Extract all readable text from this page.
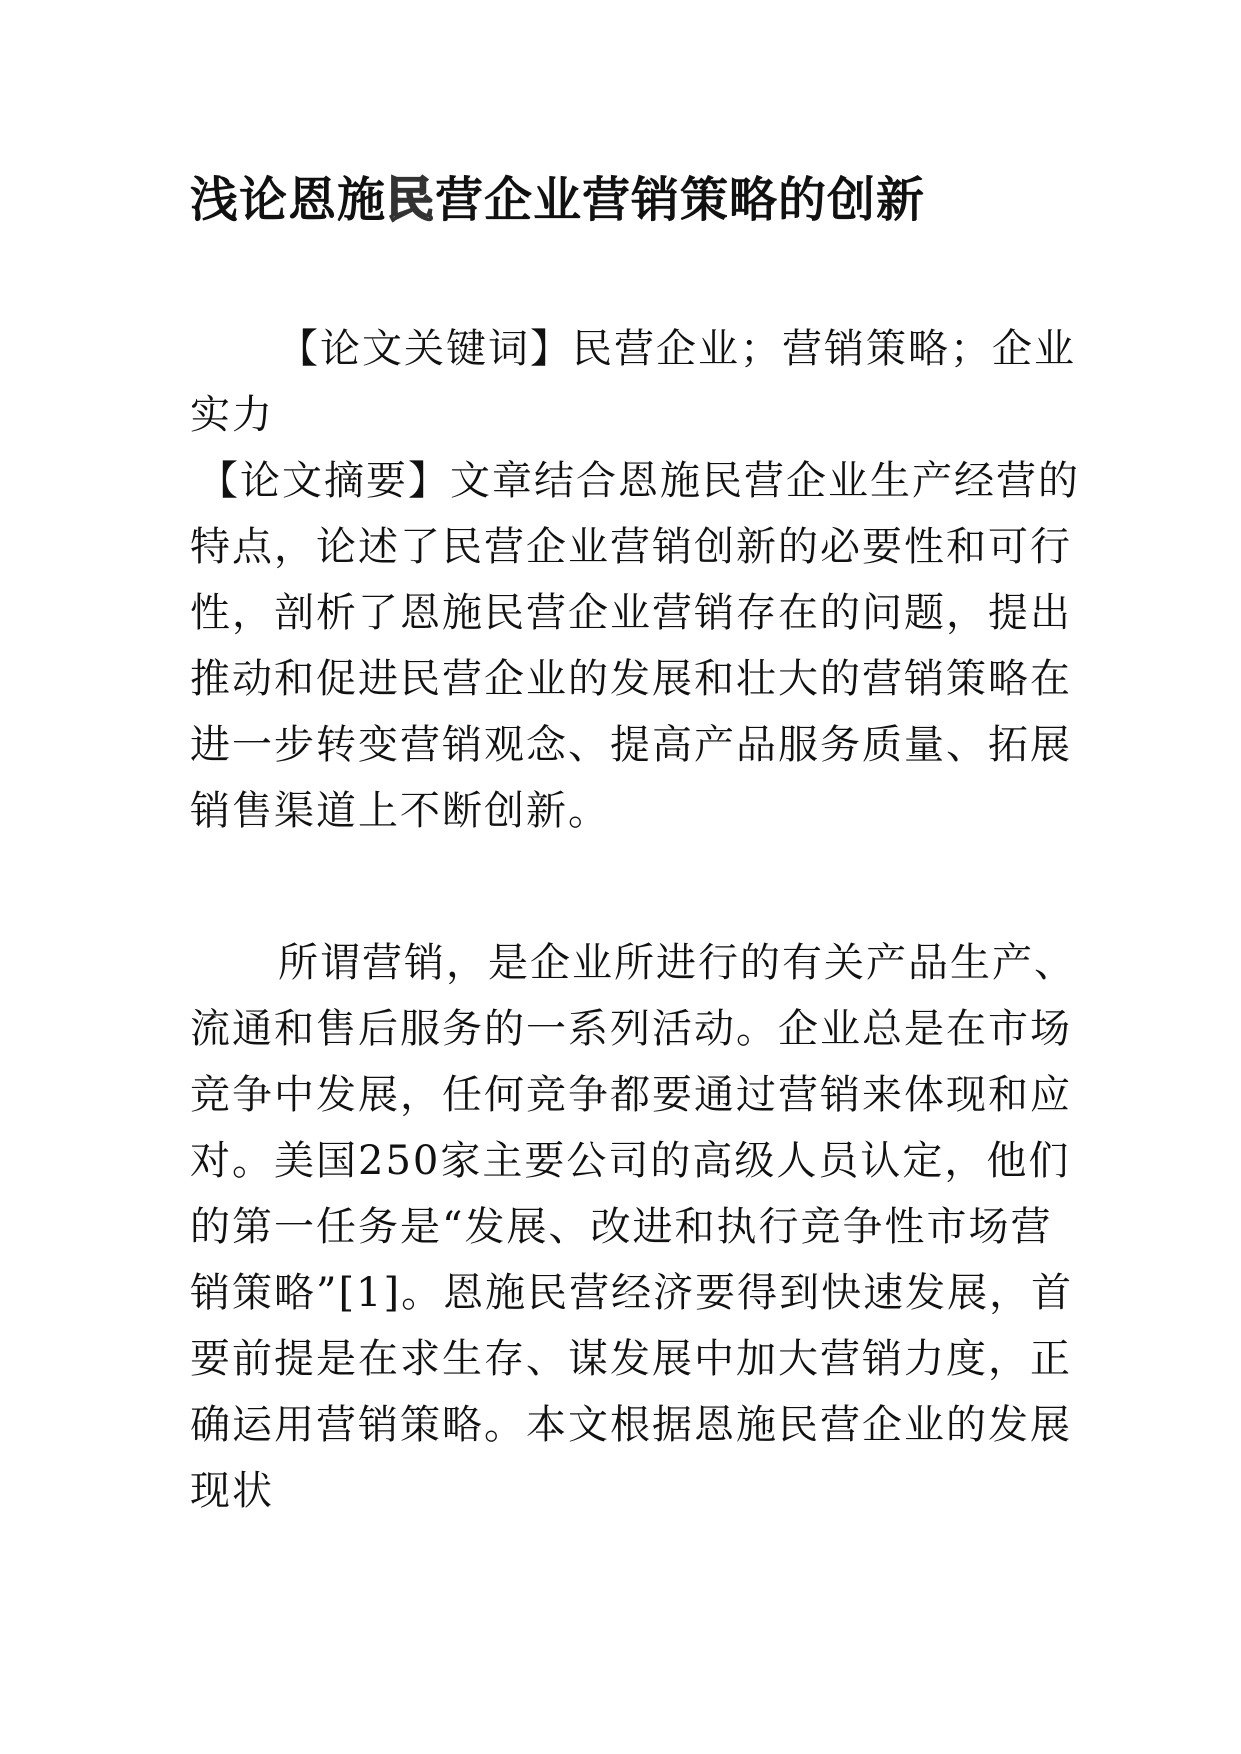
浅论恩施民营企业营销策略的创新

【论文关键词】民营企业；营销策略；企业实力

【论文摘要】文章结合恩施民营企业生产经营的特点，论述了民营企业营销创新的必要性和可行性，剖析了恩施民营企业营销存在的问题，提出推动和促进民营企业的发展和壮大的营销策略在进一步转变营销观念、提高产品服务质量、拓展销售渠道上不断创新。

所谓营销，是企业所进行的有关产品生产、流通和售后服务的一系列活动。企业总是在市场竞争中发展，任何竞争都要通过营销来体现和应对。美国250家主要公司的高级人员认定，他们的第一任务是“发展、改进和执行竞争性市场营销策略”[1]。恩施民营经济要得到快速发展，首要前提是在求生存、谋发展中加大营销力度，正确运用营销策略。本文根据恩施民营企业的发展现状
